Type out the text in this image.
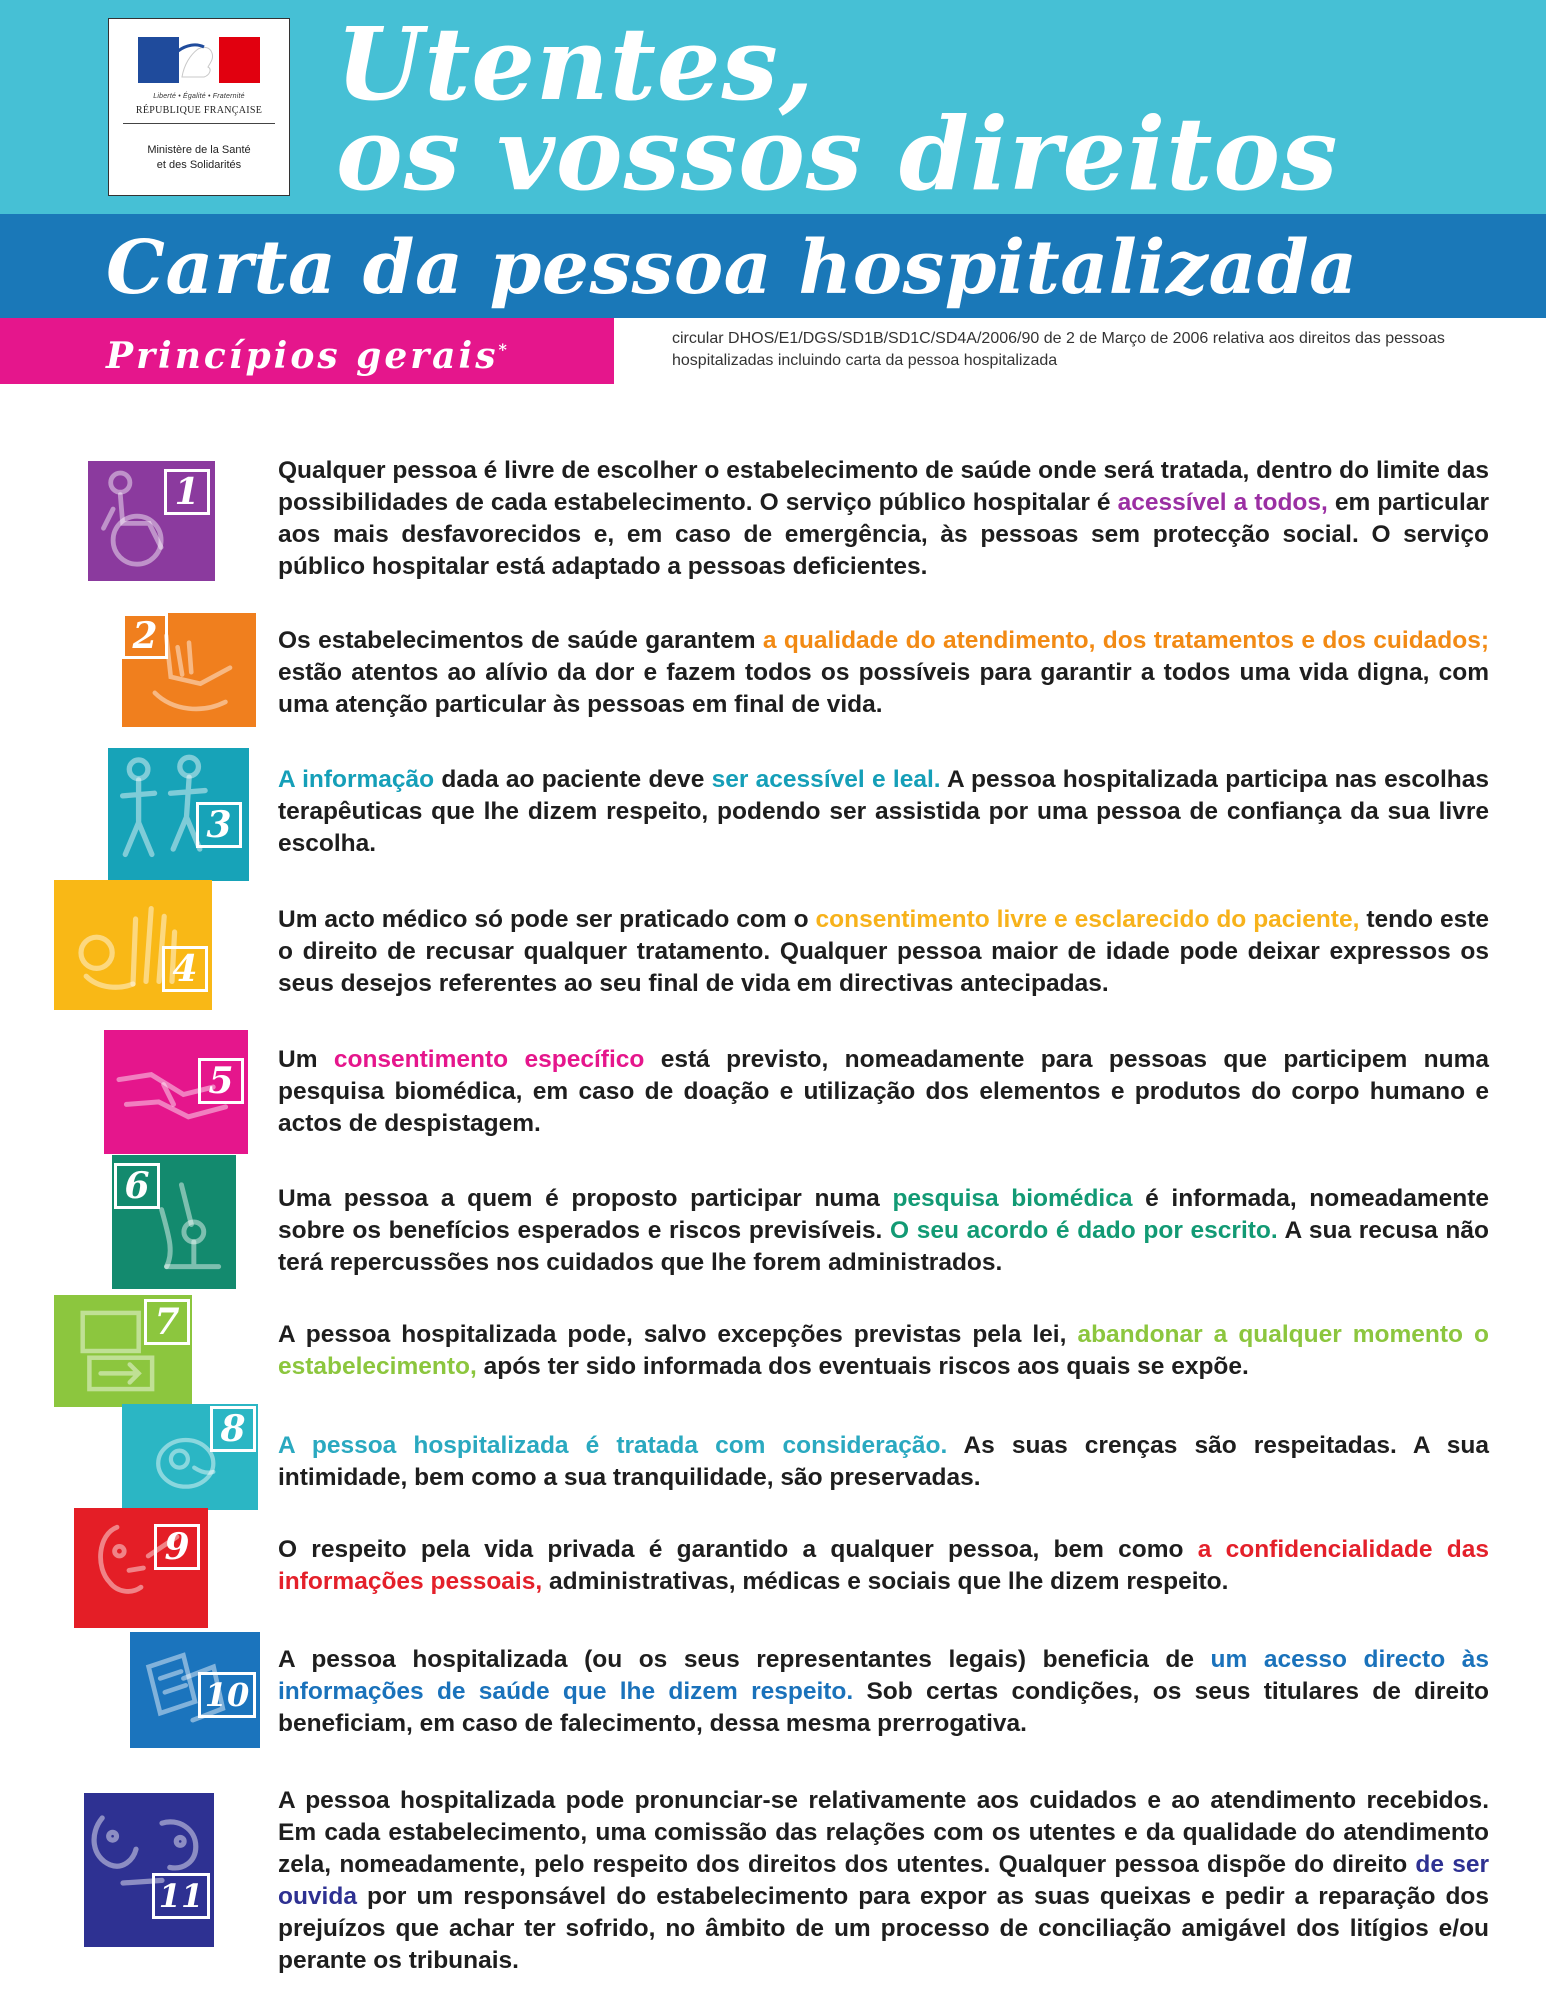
Liberté • Égalité • Fraternité
RÉPUBLIQUE FRANÇAISE
Ministère de la Santé
et des Solidarités
Utentes,
os vossos direitos
Carta da pessoa hospitalizada
Princípios gerais*
circular DHOS/E1/DGS/SD1B/SD1C/SD4A/2006/90 de 2 de Março de 2006 relativa aos direitos das pessoas hospitalizadas incluindo carta da pessoa hospitalizada
1

Qualquer pessoa é livre de escolher o estabelecimento de saúde onde será tratada, dentro do limite das possibilidades de cada estabelecimento. O serviço público hospitalar é acessível a todos, em particular aos mais desfavorecidos e, em caso de emergência, às pessoas sem protecção social. O serviço público hospitalar está adaptado a pessoas deficientes.

2	Os estabelecimentos de saúde garantem a qualidade do atendimento, dos tratamentos e dos cuidados; estão atentos ao alívio da dor e fazem todos os possíveis para garantir a todos uma vida digna, com uma atenção particular às pessoas em final de vida.

3

A informação dada ao paciente deve ser acessível e leal. A pessoa hospitalizada participa nas escolhas terapêuticas que lhe dizem respeito, podendo ser assistida por uma pessoa de confiança da sua livre escolha.

4

Um acto médico só pode ser praticado com o consentimento livre e esclarecido do paciente, tendo este o direito de recusar qualquer tratamento. Qualquer pessoa maior de idade pode deixar expressos os seus desejos referentes ao seu final de vida em directivas antecipadas.

5

Um consentimento específico está previsto, nomeadamente para pessoas que participem numa pesquisa biomédica, em caso de doação e utilização dos elementos e produtos do corpo humano e actos de despistagem.

6	Uma pessoa a quem é proposto participar numa pesquisa biomédica é informada, nomeadamente sobre os benefícios esperados e riscos previsíveis. O seu acordo é dado por escrito. A sua recusa não terá repercussões nos cuidados que lhe forem administrados.

7	A pessoa hospitalizada pode, salvo excepções previstas pela lei, abandonar a qualquer momento o estabelecimento, após ter sido informada dos eventuais riscos aos quais se expõe.

8	A pessoa hospitalizada é tratada com consideração. As suas crenças são respeitadas. A sua intimidade, bem como a sua tranquilidade, são preservadas.

9	O respeito pela vida privada é garantido a qualquer pessoa, bem como a confidencialidade das informações pessoais, administrativas, médicas e sociais que lhe dizem respeito.

10

A pessoa hospitalizada (ou os seus representantes legais) beneficia de um acesso directo às informações de saúde que lhe dizem respeito. Sob certas condições, os seus titulares de direito beneficiam, em caso de falecimento, dessa mesma prerrogativa.

11

A pessoa hospitalizada pode pronunciar-se relativamente aos cuidados e ao atendimento recebidos. Em cada estabelecimento, uma comissão das relações com os utentes e da qualidade do atendimento zela, nomeadamente, pelo respeito dos direitos dos utentes. Qualquer pessoa dispõe do direito de ser ouvida por um responsável do estabelecimento para expor as suas queixas e pedir a reparação dos prejuízos que achar ter sofrido, no âmbito de um processo de conciliação amigável dos litígios e/ou perante os tribunais.
